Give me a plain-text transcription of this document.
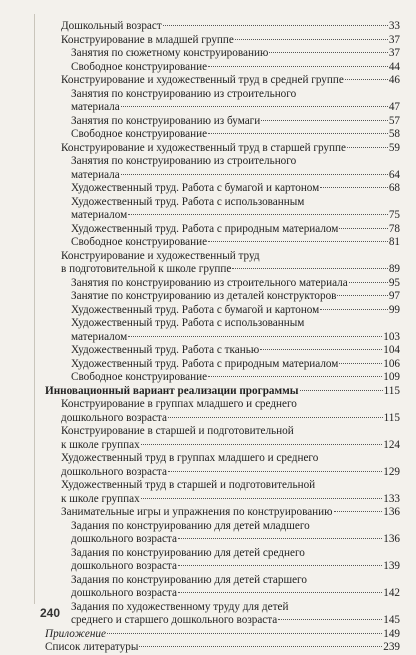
Дошкольный возраст	33
Конструирование в младшей группе	37
Занятия по сюжетному конструированию	37
Свободное конструирование	44
Конструирование и художественный труд в средней группе	46
Занятия по конструированию из строительного
материала	47
Занятия по конструированию из бумаги	57
Свободное конструирование	58
Конструирование и художественный труд в старшей группе	59
Занятия по конструированию из строительного
материала	64
Художественный труд. Работа с бумагой и картоном	68
Художественный труд. Работа с использованным
материалом	75
Художественный труд. Работа с природным материалом	78
Свободное конструирование	81
Конструирование и художественный труд
в подготовительной к школе группе	89
Занятия по конструированию из строительного материала	95
Занятие по конструированию из деталей конструкторов	97
Художественный труд. Работа с бумагой и картоном	99
Художественный труд. Работа с использованным
материалом	103
Художественный труд. Работа с тканью	104
Художественный труд. Работа с природным материалом	106
Свободное конструирование	109
Инновационный вариант реализации программы	115
Конструирование в группах младшего и среднего
дошкольного возраста	115
Конструирование в старшей и подготовительной
к школе группах	124
Художественный труд в группах младшего и среднего
дошкольного возраста	129
Художественный труд в старшей и подготовительной
к школе группах	133
Занимательные игры и упражнения по конструированию	136
Задания по конструированию для детей младшего
дошкольного возраста	136
Задания по конструированию для детей среднего
дошкольного возраста	139
Задания по конструированию для детей старшего
дошкольного возраста	142
Задания по художественному труду для детей
среднего и старшего дошкольного возраста	145
Приложение	149
Список литературы	239
240
